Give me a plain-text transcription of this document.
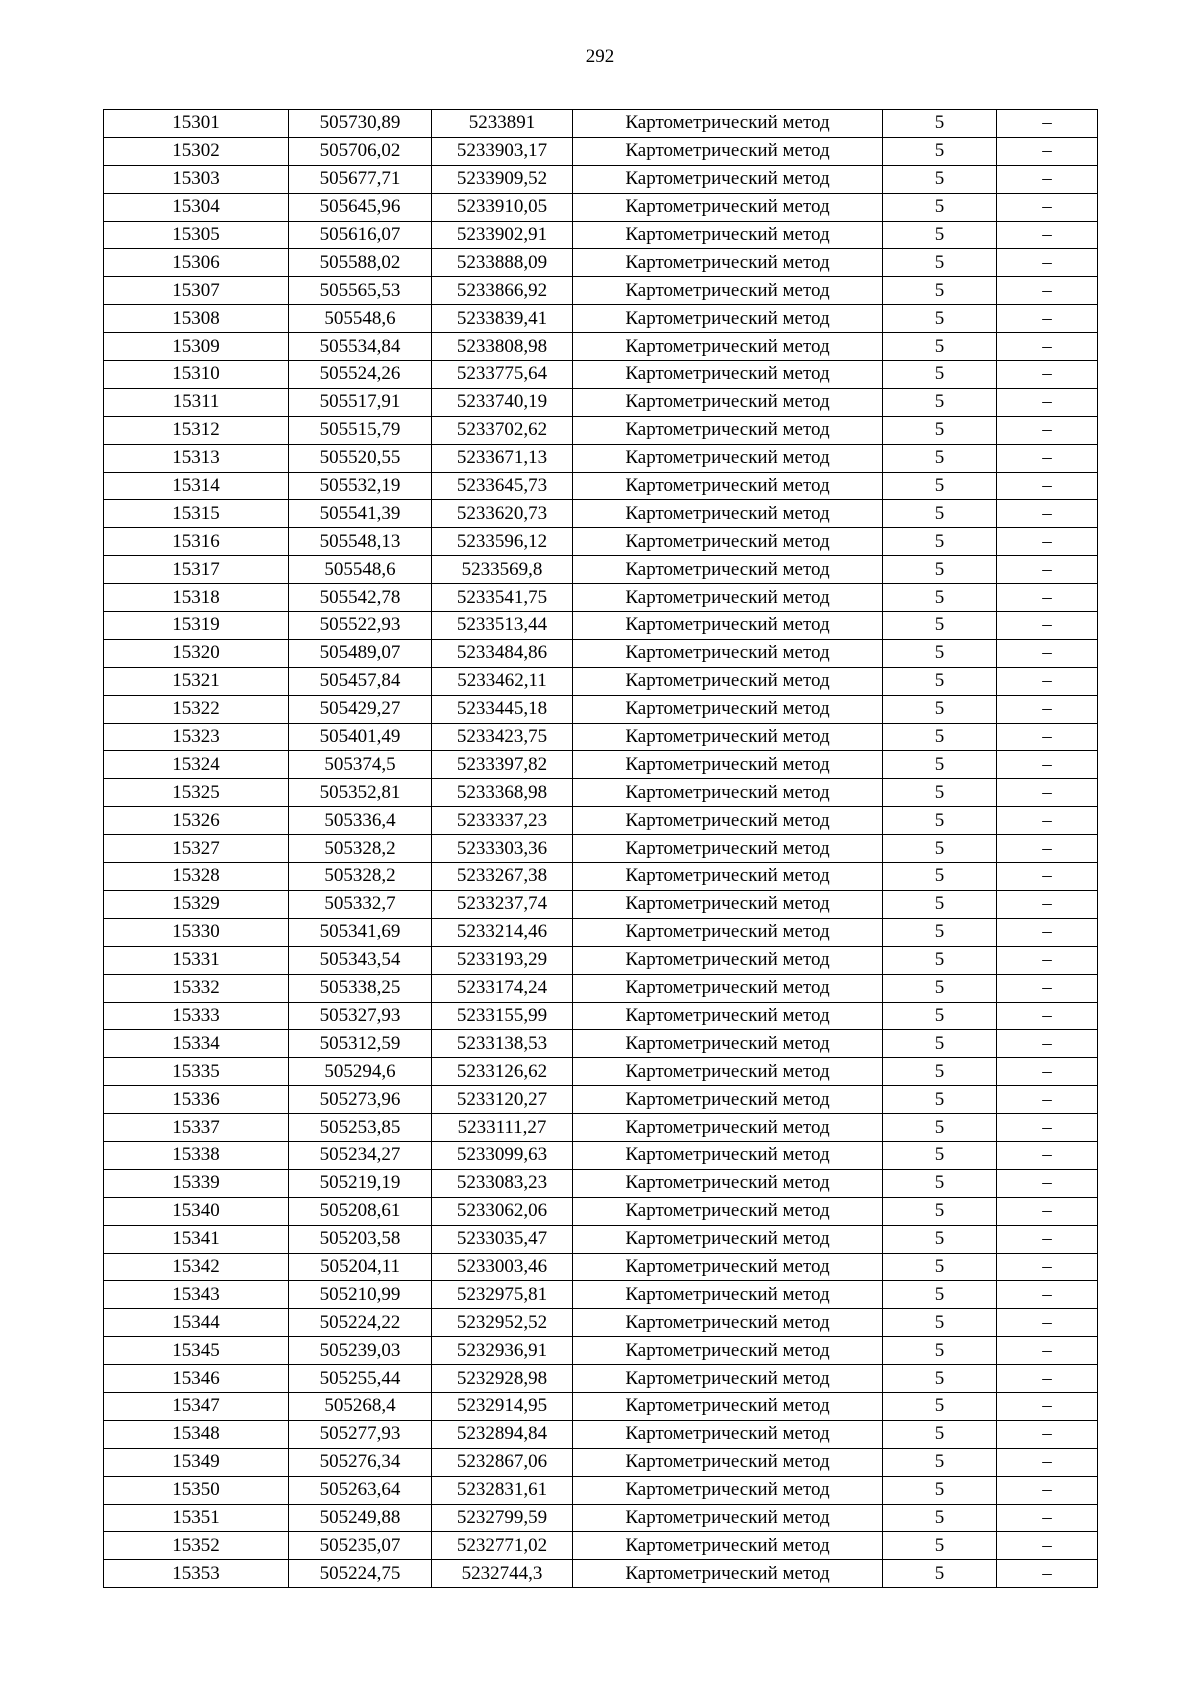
292
15301	505730,89	5233891	Картометрический метод	5	–
15302	505706,02	5233903,17	Картометрический метод	5	–
15303	505677,71	5233909,52	Картометрический метод	5	–
15304	505645,96	5233910,05	Картометрический метод	5	–
15305	505616,07	5233902,91	Картометрический метод	5	–
15306	505588,02	5233888,09	Картометрический метод	5	–
15307	505565,53	5233866,92	Картометрический метод	5	–
15308	505548,6	5233839,41	Картометрический метод	5	–
15309	505534,84	5233808,98	Картометрический метод	5	–
15310	505524,26	5233775,64	Картометрический метод	5	–
15311	505517,91	5233740,19	Картометрический метод	5	–
15312	505515,79	5233702,62	Картометрический метод	5	–
15313	505520,55	5233671,13	Картометрический метод	5	–
15314	505532,19	5233645,73	Картометрический метод	5	–
15315	505541,39	5233620,73	Картометрический метод	5	–
15316	505548,13	5233596,12	Картометрический метод	5	–
15317	505548,6	5233569,8	Картометрический метод	5	–
15318	505542,78	5233541,75	Картометрический метод	5	–
15319	505522,93	5233513,44	Картометрический метод	5	–
15320	505489,07	5233484,86	Картометрический метод	5	–
15321	505457,84	5233462,11	Картометрический метод	5	–
15322	505429,27	5233445,18	Картометрический метод	5	–
15323	505401,49	5233423,75	Картометрический метод	5	–
15324	505374,5	5233397,82	Картометрический метод	5	–
15325	505352,81	5233368,98	Картометрический метод	5	–
15326	505336,4	5233337,23	Картометрический метод	5	–
15327	505328,2	5233303,36	Картометрический метод	5	–
15328	505328,2	5233267,38	Картометрический метод	5	–
15329	505332,7	5233237,74	Картометрический метод	5	–
15330	505341,69	5233214,46	Картометрический метод	5	–
15331	505343,54	5233193,29	Картометрический метод	5	–
15332	505338,25	5233174,24	Картометрический метод	5	–
15333	505327,93	5233155,99	Картометрический метод	5	–
15334	505312,59	5233138,53	Картометрический метод	5	–
15335	505294,6	5233126,62	Картометрический метод	5	–
15336	505273,96	5233120,27	Картометрический метод	5	–
15337	505253,85	5233111,27	Картометрический метод	5	–
15338	505234,27	5233099,63	Картометрический метод	5	–
15339	505219,19	5233083,23	Картометрический метод	5	–
15340	505208,61	5233062,06	Картометрический метод	5	–
15341	505203,58	5233035,47	Картометрический метод	5	–
15342	505204,11	5233003,46	Картометрический метод	5	–
15343	505210,99	5232975,81	Картометрический метод	5	–
15344	505224,22	5232952,52	Картометрический метод	5	–
15345	505239,03	5232936,91	Картометрический метод	5	–
15346	505255,44	5232928,98	Картометрический метод	5	–
15347	505268,4	5232914,95	Картометрический метод	5	–
15348	505277,93	5232894,84	Картометрический метод	5	–
15349	505276,34	5232867,06	Картометрический метод	5	–
15350	505263,64	5232831,61	Картометрический метод	5	–
15351	505249,88	5232799,59	Картометрический метод	5	–
15352	505235,07	5232771,02	Картометрический метод	5	–
15353	505224,75	5232744,3	Картометрический метод	5	–
